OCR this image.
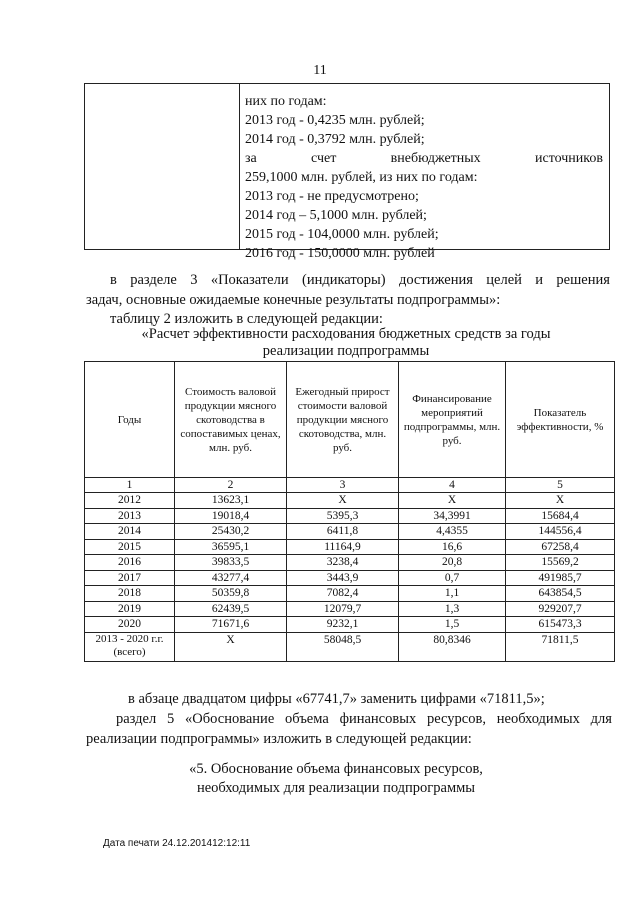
11
них по годам:
2013 год - 0,4235 млн. рублей;
2014 год - 0,3792 млн. рублей;
за	счет	внебюджетных	источников
259,1000 млн. рублей, из них по годам:
2013 год - не предусмотрено;
2014 год – 5,1000 млн. рублей;
2015 год - 104,0000 млн. рублей;
2016 год - 150,0000 млн. рублей
в разделе 3 «Показатели (индикаторы) достижения целей и решения
задач, основные ожидаемые конечные результаты подпрограммы»:
таблицу 2 изложить в следующей редакции:
«Расчет эффективности расходования бюджетных средств за годы
реализации подпрограммы
Годы	Стоимость валовой продукции мясного скотоводства в сопоставимых ценах, млн. руб.	Ежегодный прирост стоимости валовой продукции мясного скотоводства, млн. руб.	Финансирование мероприятий подпрограммы, млн. руб.	Показатель эффективности, %
1	2	3	4	5
2012	13623,1	X	X	X
2013	19018,4	5395,3	34,3991	15684,4
2014	25430,2	6411,8	4,4355	144556,4
2015	36595,1	11164,9	16,6	67258,4
2016	39833,5	3238,4	20,8	15569,2
2017	43277,4	3443,9	0,7	491985,7
2018	50359,8	7082,4	1,1	643854,5
2019	62439,5	12079,7	1,3	929207,7
2020	71671,6	9232,1	1,5	615473,3
2013 - 2020 г.г. (всего)	X	58048,5	80,8346	71811,5
в абзаце двадцатом цифры «67741,7» заменить цифрами «71811,5»;
раздел 5 «Обоснование объема финансовых ресурсов, необходимых для
реализации подпрограммы» изложить в следующей редакции:
«5. Обоснование объема финансовых ресурсов,
необходимых для реализации подпрограммы
Дата печати 24.12.201412:12:11
